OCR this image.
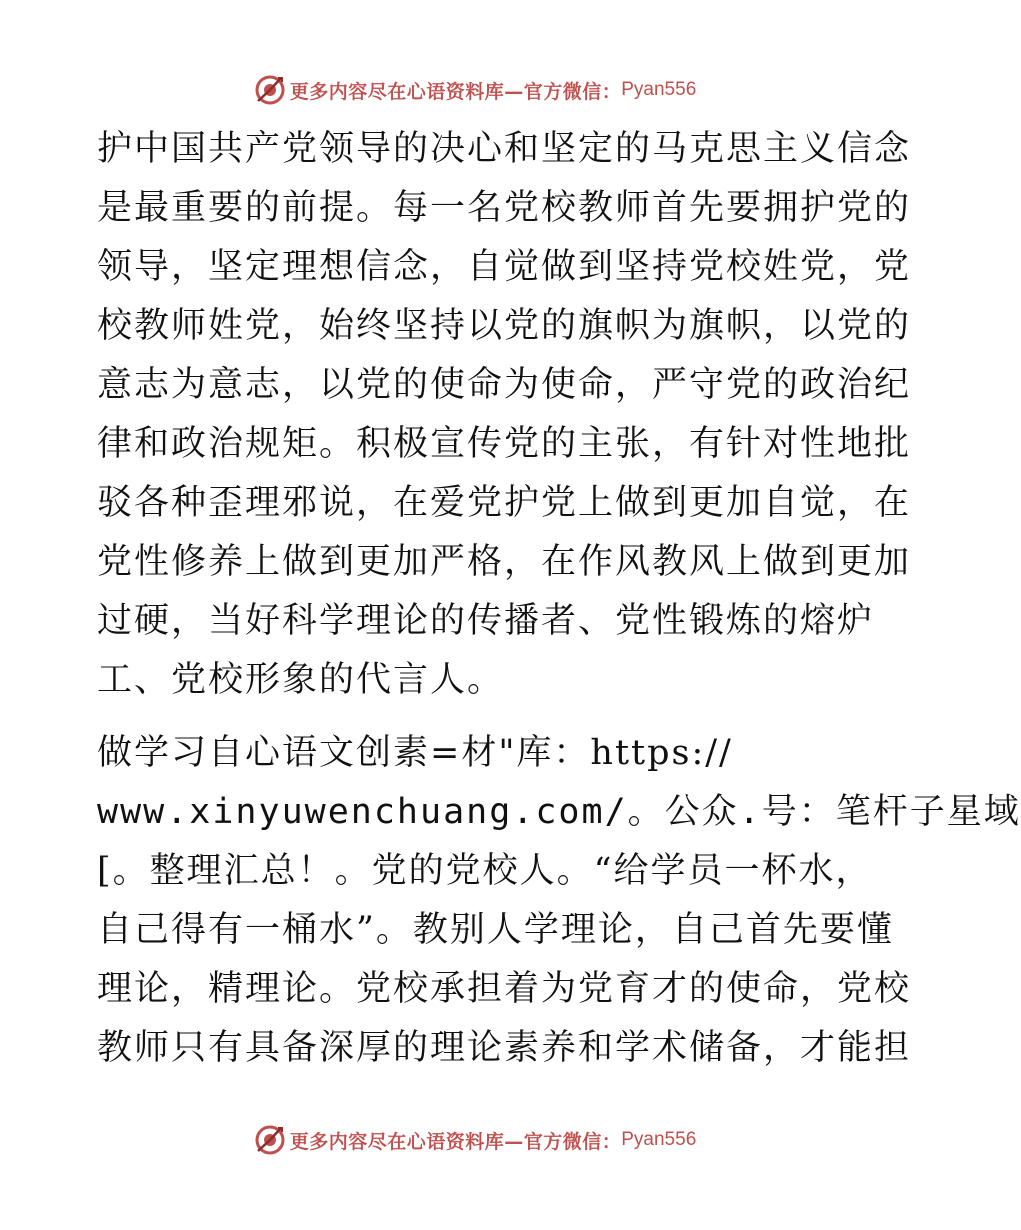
更多内容尽在心语资料库—官方微信： Pyan556
护中国共产党领导的决心和坚定的马克思主义信念
是最重要的前提。每一名党校教师首先要拥护党的
领导，坚定理想信念，自觉做到坚持党校姓党，党
校教师姓党，始终坚持以党的旗帜为旗帜，以党的
意志为意志，以党的使命为使命，严守党的政治纪
律和政治规矩。积极宣传党的主张，有针对性地批
驳各种歪理邪说，在爱党护党上做到更加自觉，在
党性修养上做到更加严格，在作风教风上做到更加
过硬，当好科学理论的传播者、党性锻炼的熔炉
工、党校形象的代言人。
做学习自心语文创素=材"库：https://
www.xinyuwenchuang.com/。公众.号：笔杆子星域
[。整理汇总！。党的党校人。“给学员一杯水，
自己得有一桶水”。教别人学理论，自己首先要懂
理论，精理论。党校承担着为党育才的使命，党校
教师只有具备深厚的理论素养和学术储备，才能担
更多内容尽在心语资料库—官方微信： Pyan556
